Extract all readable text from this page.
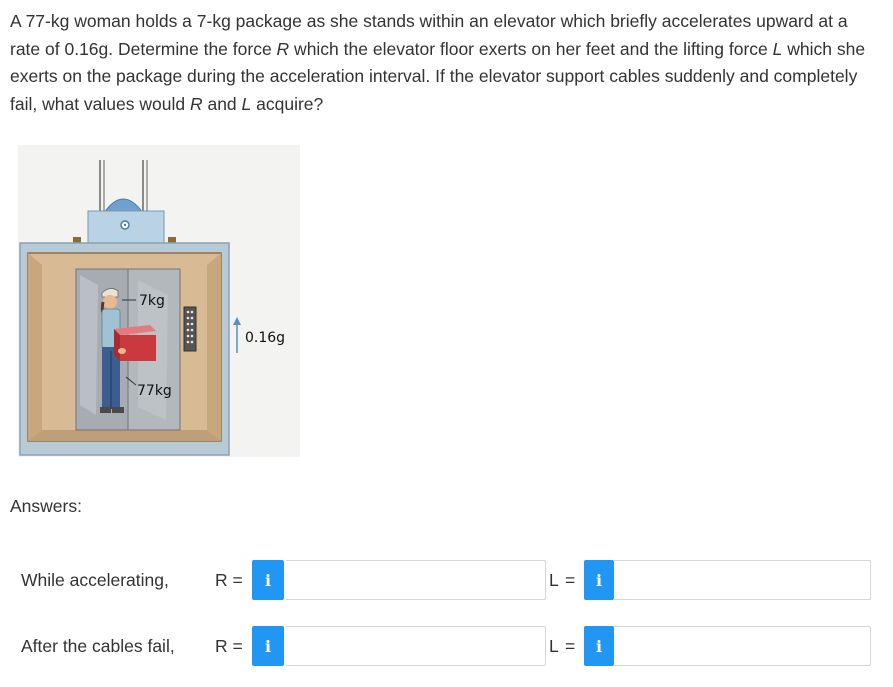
A 77-kg woman holds a 7-kg package as she stands within an elevator which briefly accelerates upward at a rate of 0.16g. Determine the force R which the elevator floor exerts on her feet and the lifting force L which she exerts on the package during the acceleration interval. If the elevator support cables suddenly and completely fail, what values would R and L acquire?
7kg
77kg
0.16g
Answers:
While accelerating,	R =	i	L =	i
After the cables fail, R =	i	L =	i
